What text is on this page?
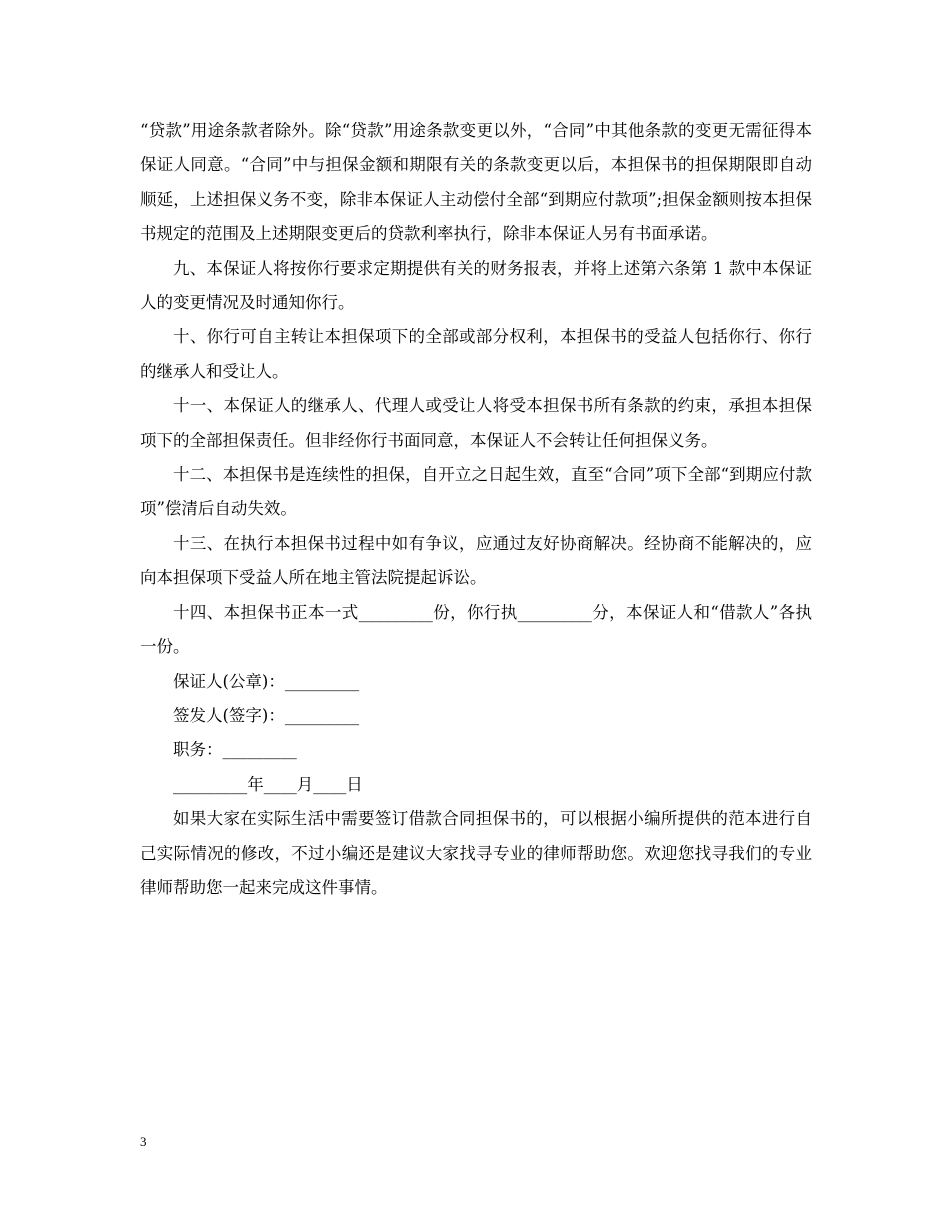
“贷款”用途条款者除外。除“贷款”用途条款变更以外，“合同”中其他条款的变更无需征得本保证人同意。“合同”中与担保金额和期限有关的条款变更以后，本担保书的担保期限即自动顺延，上述担保义务不变，除非本保证人主动偿付全部“到期应付款项”;担保金额则按本担保书规定的范围及上述期限变更后的贷款利率执行，除非本保证人另有书面承诺。

九、本保证人将按你行要求定期提供有关的财务报表，并将上述第六条第 1 款中本保证人的变更情况及时通知你行。

十、你行可自主转让本担保项下的全部或部分权利，本担保书的受益人包括你行、你行的继承人和受让人。

十一、本保证人的继承人、代理人或受让人将受本担保书所有条款的约束，承担本担保项下的全部担保责任。但非经你行书面同意，本保证人不会转让任何担保义务。

十二、本担保书是连续性的担保，自开立之日起生效，直至“合同”项下全部“到期应付款项”偿清后自动失效。

十三、在执行本担保书过程中如有争议，应通过友好协商解决。经协商不能解决的，应向本担保项下受益人所在地主管法院提起诉讼。

十四、本担保书正本一式_________份，你行执_________分，本保证人和“借款人”各执一份。

保证人(公章)：_________

签发人(签字)：_________

职务：_________

_________年____月____日

如果大家在实际生活中需要签订借款合同担保书的，可以根据小编所提供的范本进行自己实际情况的修改，不过小编还是建议大家找寻专业的律师帮助您。欢迎您找寻我们的专业律师帮助您一起来完成这件事情。

3
